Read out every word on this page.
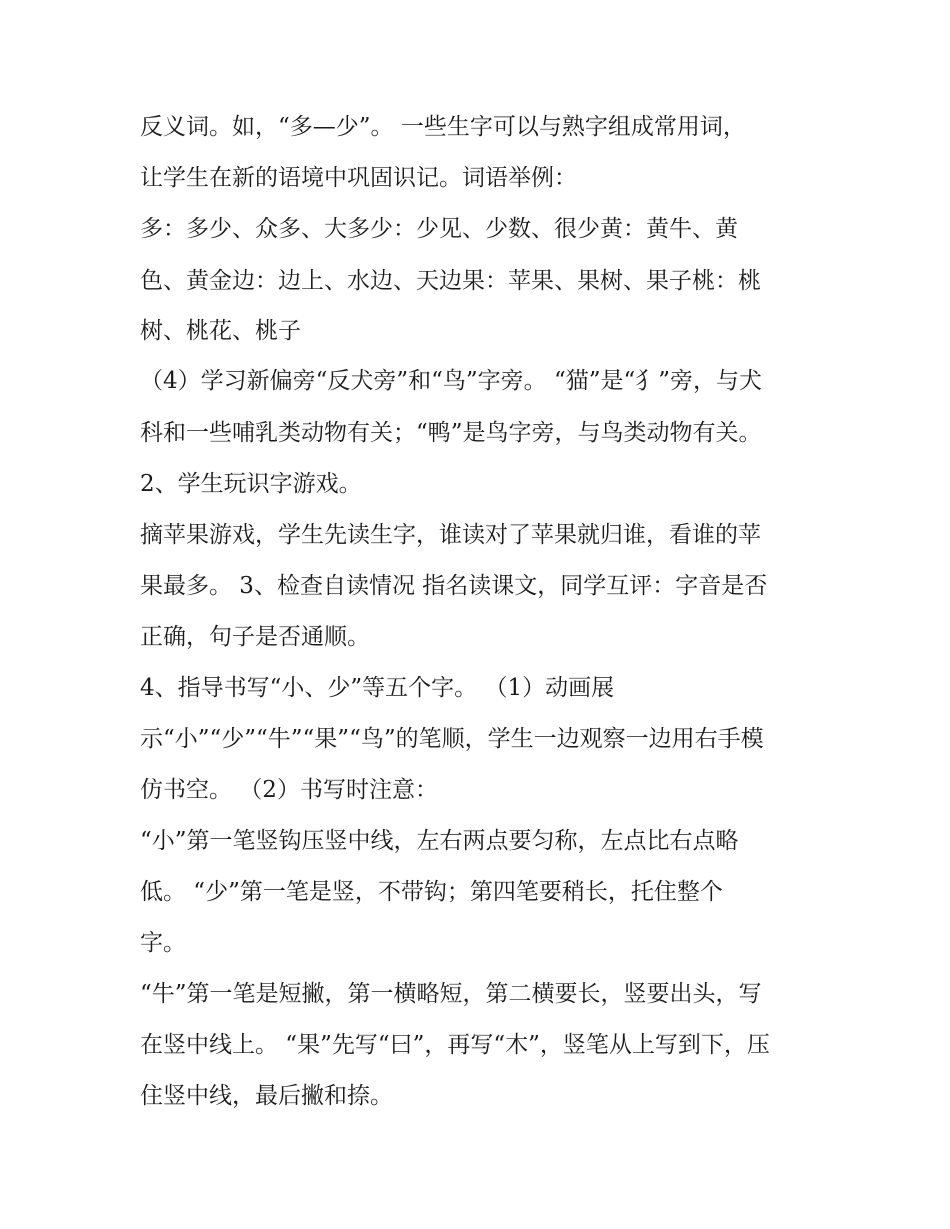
反义词。如，“多—少”。 一些生字可以与熟字组成常用词，
让学生在新的语境中巩固识记。词语举例：
多：多少、众多、大多少：少见、少数、很少黄：黄牛、黄
色、黄金边：边上、水边、天边果：苹果、果树、果子桃：桃
树、桃花、桃子
（4）学习新偏旁“反犬旁”和“鸟”字旁。 “猫”是“犭”旁，与犬
科和一些哺乳类动物有关；“鸭”是鸟字旁，与鸟类动物有关。
2、学生玩识字游戏。
摘苹果游戏，学生先读生字，谁读对了苹果就归谁，看谁的苹
果最多。 3、检查自读情况 指名读课文，同学互评：字音是否
正确，句子是否通顺。
4、指导书写“小、少”等五个字。 （1）动画展
示“小”“少”“牛”“果”“鸟”的笔顺，学生一边观察一边用右手模
仿书空。 （2）书写时注意：
“小”第一笔竖钩压竖中线，左右两点要匀称，左点比右点略
低。 “少”第一笔是竖，不带钩；第四笔要稍长，托住整个
字。
“牛”第一笔是短撇，第一横略短，第二横要长，竖要出头，写
在竖中线上。 “果”先写“曰”，再写“木”，竖笔从上写到下，压
住竖中线，最后撇和捺。
